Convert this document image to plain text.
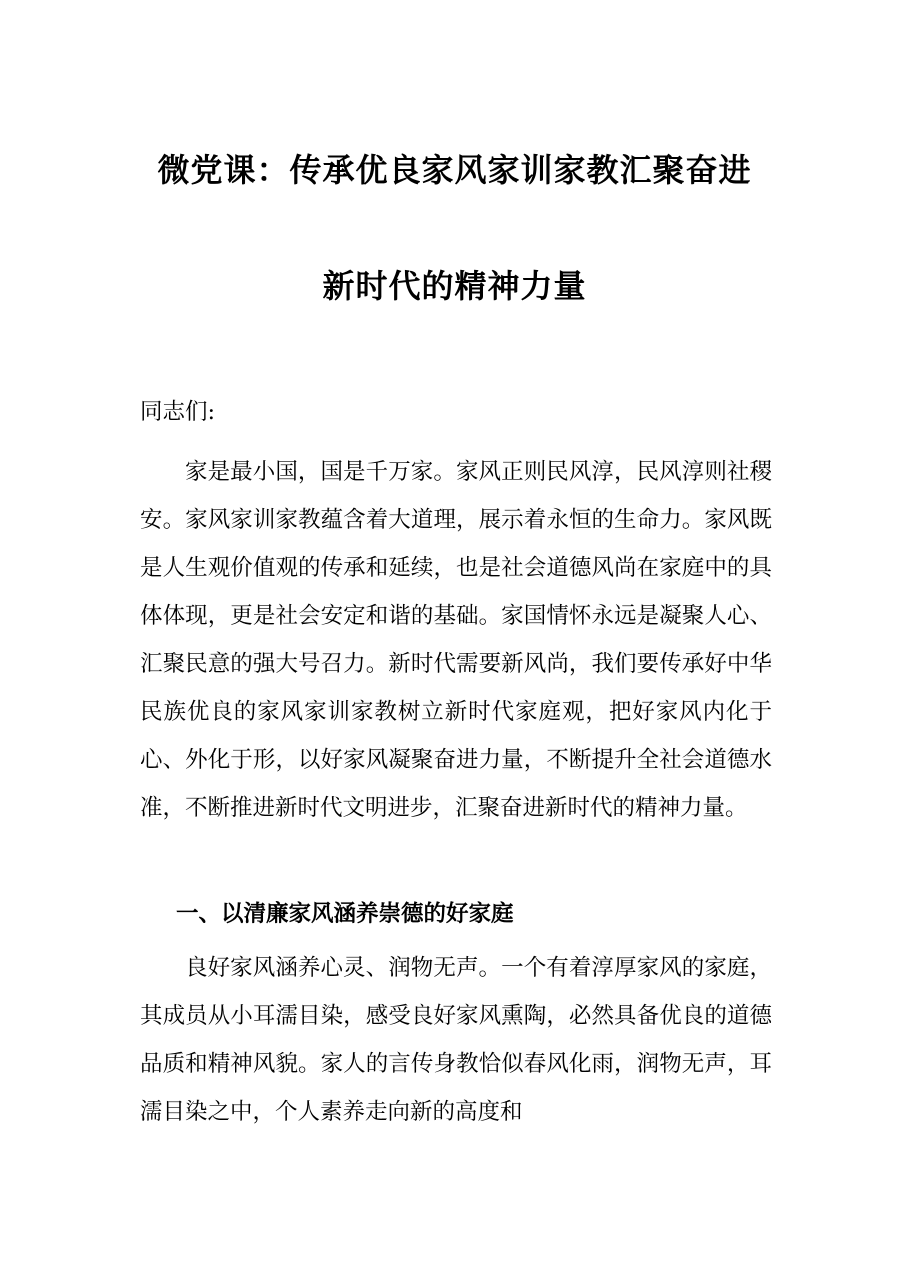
微党课：传承优良家风家训家教汇聚奋进
新时代的精神力量
同志们:
家是最小国，国是千万家。家风正则民风淳，民风淳则社稷安。家风家训家教蕴含着大道理，展示着永恒的生命力。家风既是人生观价值观的传承和延续，也是社会道德风尚在家庭中的具体体现，更是社会安定和谐的基础。家国情怀永远是凝聚人心、汇聚民意的强大号召力。新时代需要新风尚，我们要传承好中华民族优良的家风家训家教树立新时代家庭观，把好家风内化于心、外化于形，以好家风凝聚奋进力量，不断提升全社会道德水准，不断推进新时代文明进步，汇聚奋进新时代的精神力量。
一、以清廉家风涵养崇德的好家庭
良好家风涵养心灵、润物无声。一个有着淳厚家风的家庭，其成员从小耳濡目染，感受良好家风熏陶，必然具备优良的道德品质和精神风貌。家人的言传身教恰似春风化雨，润物无声，耳濡目染之中，个人素养走向新的高度和
